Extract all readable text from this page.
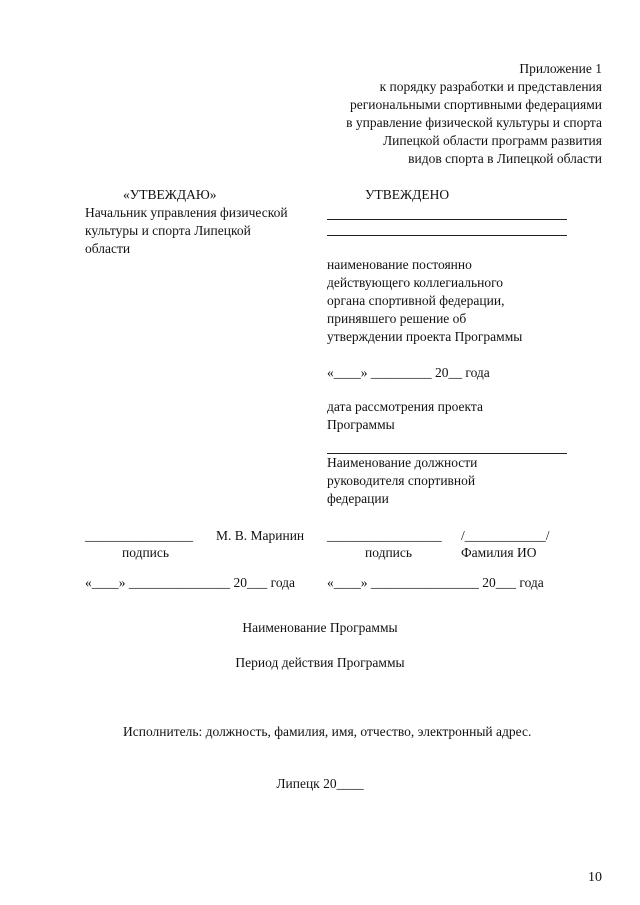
Приложение 1
к порядку разработки и представления
региональными спортивными федерациями
в управление физической культуры и спорта
Липецкой области программ развития
видов спорта в Липецкой области
«УТВЕЖДАЮ»
Начальник управления физической
культуры и спорта Липецкой
области
УТВЕЖДЕНО
наименование постоянно
действующего коллегиального
органа спортивной федерации,
принявшего решение об
утверждении проекта Программы
«____» _________ 20__ года
дата рассмотрения проекта
Программы
Наименование должности
руководителя спортивной
федерации
________________ М. В. Маринин
подпись
_________________ /____________/
подпись	Фамилия ИО
«____» _______________ 20___ года «____» ________________ 20___ года
Наименование Программы
Период действия Программы
Исполнитель: должность, фамилия, имя, отчество, электронный адрес.
Липецк 20____
10
